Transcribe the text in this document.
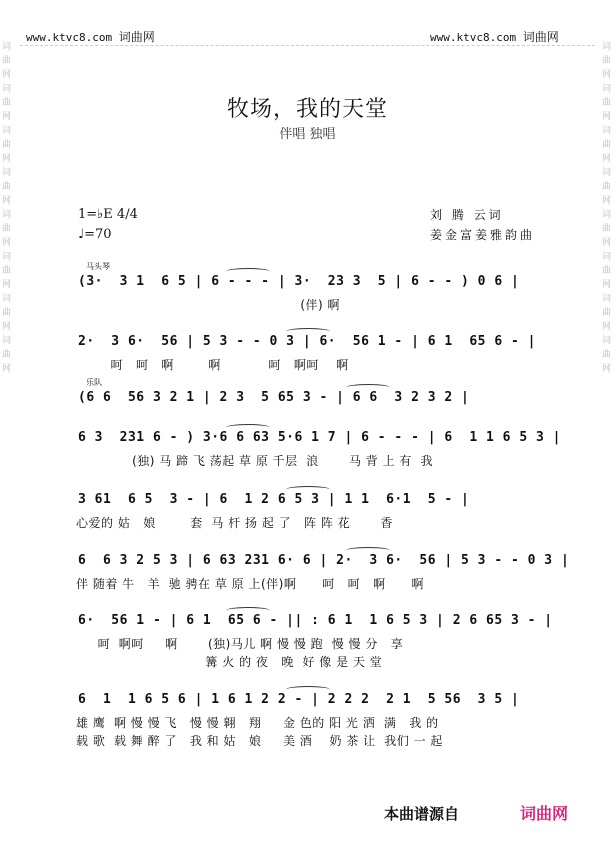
www.ktvc8.com 词曲网	www.ktvc8.com 词曲网
词曲网词曲网词曲网词曲网词曲网词曲网词曲网词曲网
词曲网词曲网词曲网词曲网词曲网词曲网词曲网词曲网
牧场，我的天堂
伴唱 独唱
1=♭E 4/4
♩=70
刘 腾 云词
姜金富姜雅韵曲
马头琴
(3·  3 1  6 5 | 6 - - - | 3·  23 3  5 | 6 - - ) 0 6 |
(伴) 啊
2·  3 6·  56 | 5 3 - - 0 3 | 6·  56 1 - | 6 1  65 6 - |
呵   呵   啊        啊           呵   啊呵    啊
乐队
(6 6  56 3 2 1 | 2 3  5 65 3 - | 6 6  3 2 3 2 |
6 3  231 6 - ) 3·6 6 63 5·6 1 7 | 6 - - - | 6  1 1 6 5 3 |
(独) 马 蹄 飞 荡起 草 原 千层  浪       马 背 上 有  我
3 61  6 5  3 - | 6  1 2 6 5 3 | 1 1  6·1  5 - |
心爱的 姑   娘        套  马 杆 扬 起 了   阵 阵 花       香
6  6 3 2 5 3 | 6 63 231 6· 6 | 2·  3 6·  56 | 5 3 - - 0 3 |
伴 随着 牛   羊  驰 骋在 草 原 上(伴)啊      呵   呵   啊      啊
6·  56 1 - | 6 1  65 6 - || : 6 1  1 6 5 3 | 2 6 65 3 - |
呵  啊呵     啊       (独)马儿 啊 慢 慢 跑  慢 慢 分   享
篝 火 的 夜   晚  好 像 是 天 堂
6  1  1 6 5 6 | 1 6 1 2 2 - | 2 2 2  2 1  5 56  3 5 |
雄 鹰  啊 慢 慢 飞   慢 慢 翱   翔     金 色的 阳 光 洒  满   我 的
载 歌  载 舞 醉 了   我 和 姑   娘     美 酒    奶 茶 让  我们 一 起
本曲谱源自	词曲网
